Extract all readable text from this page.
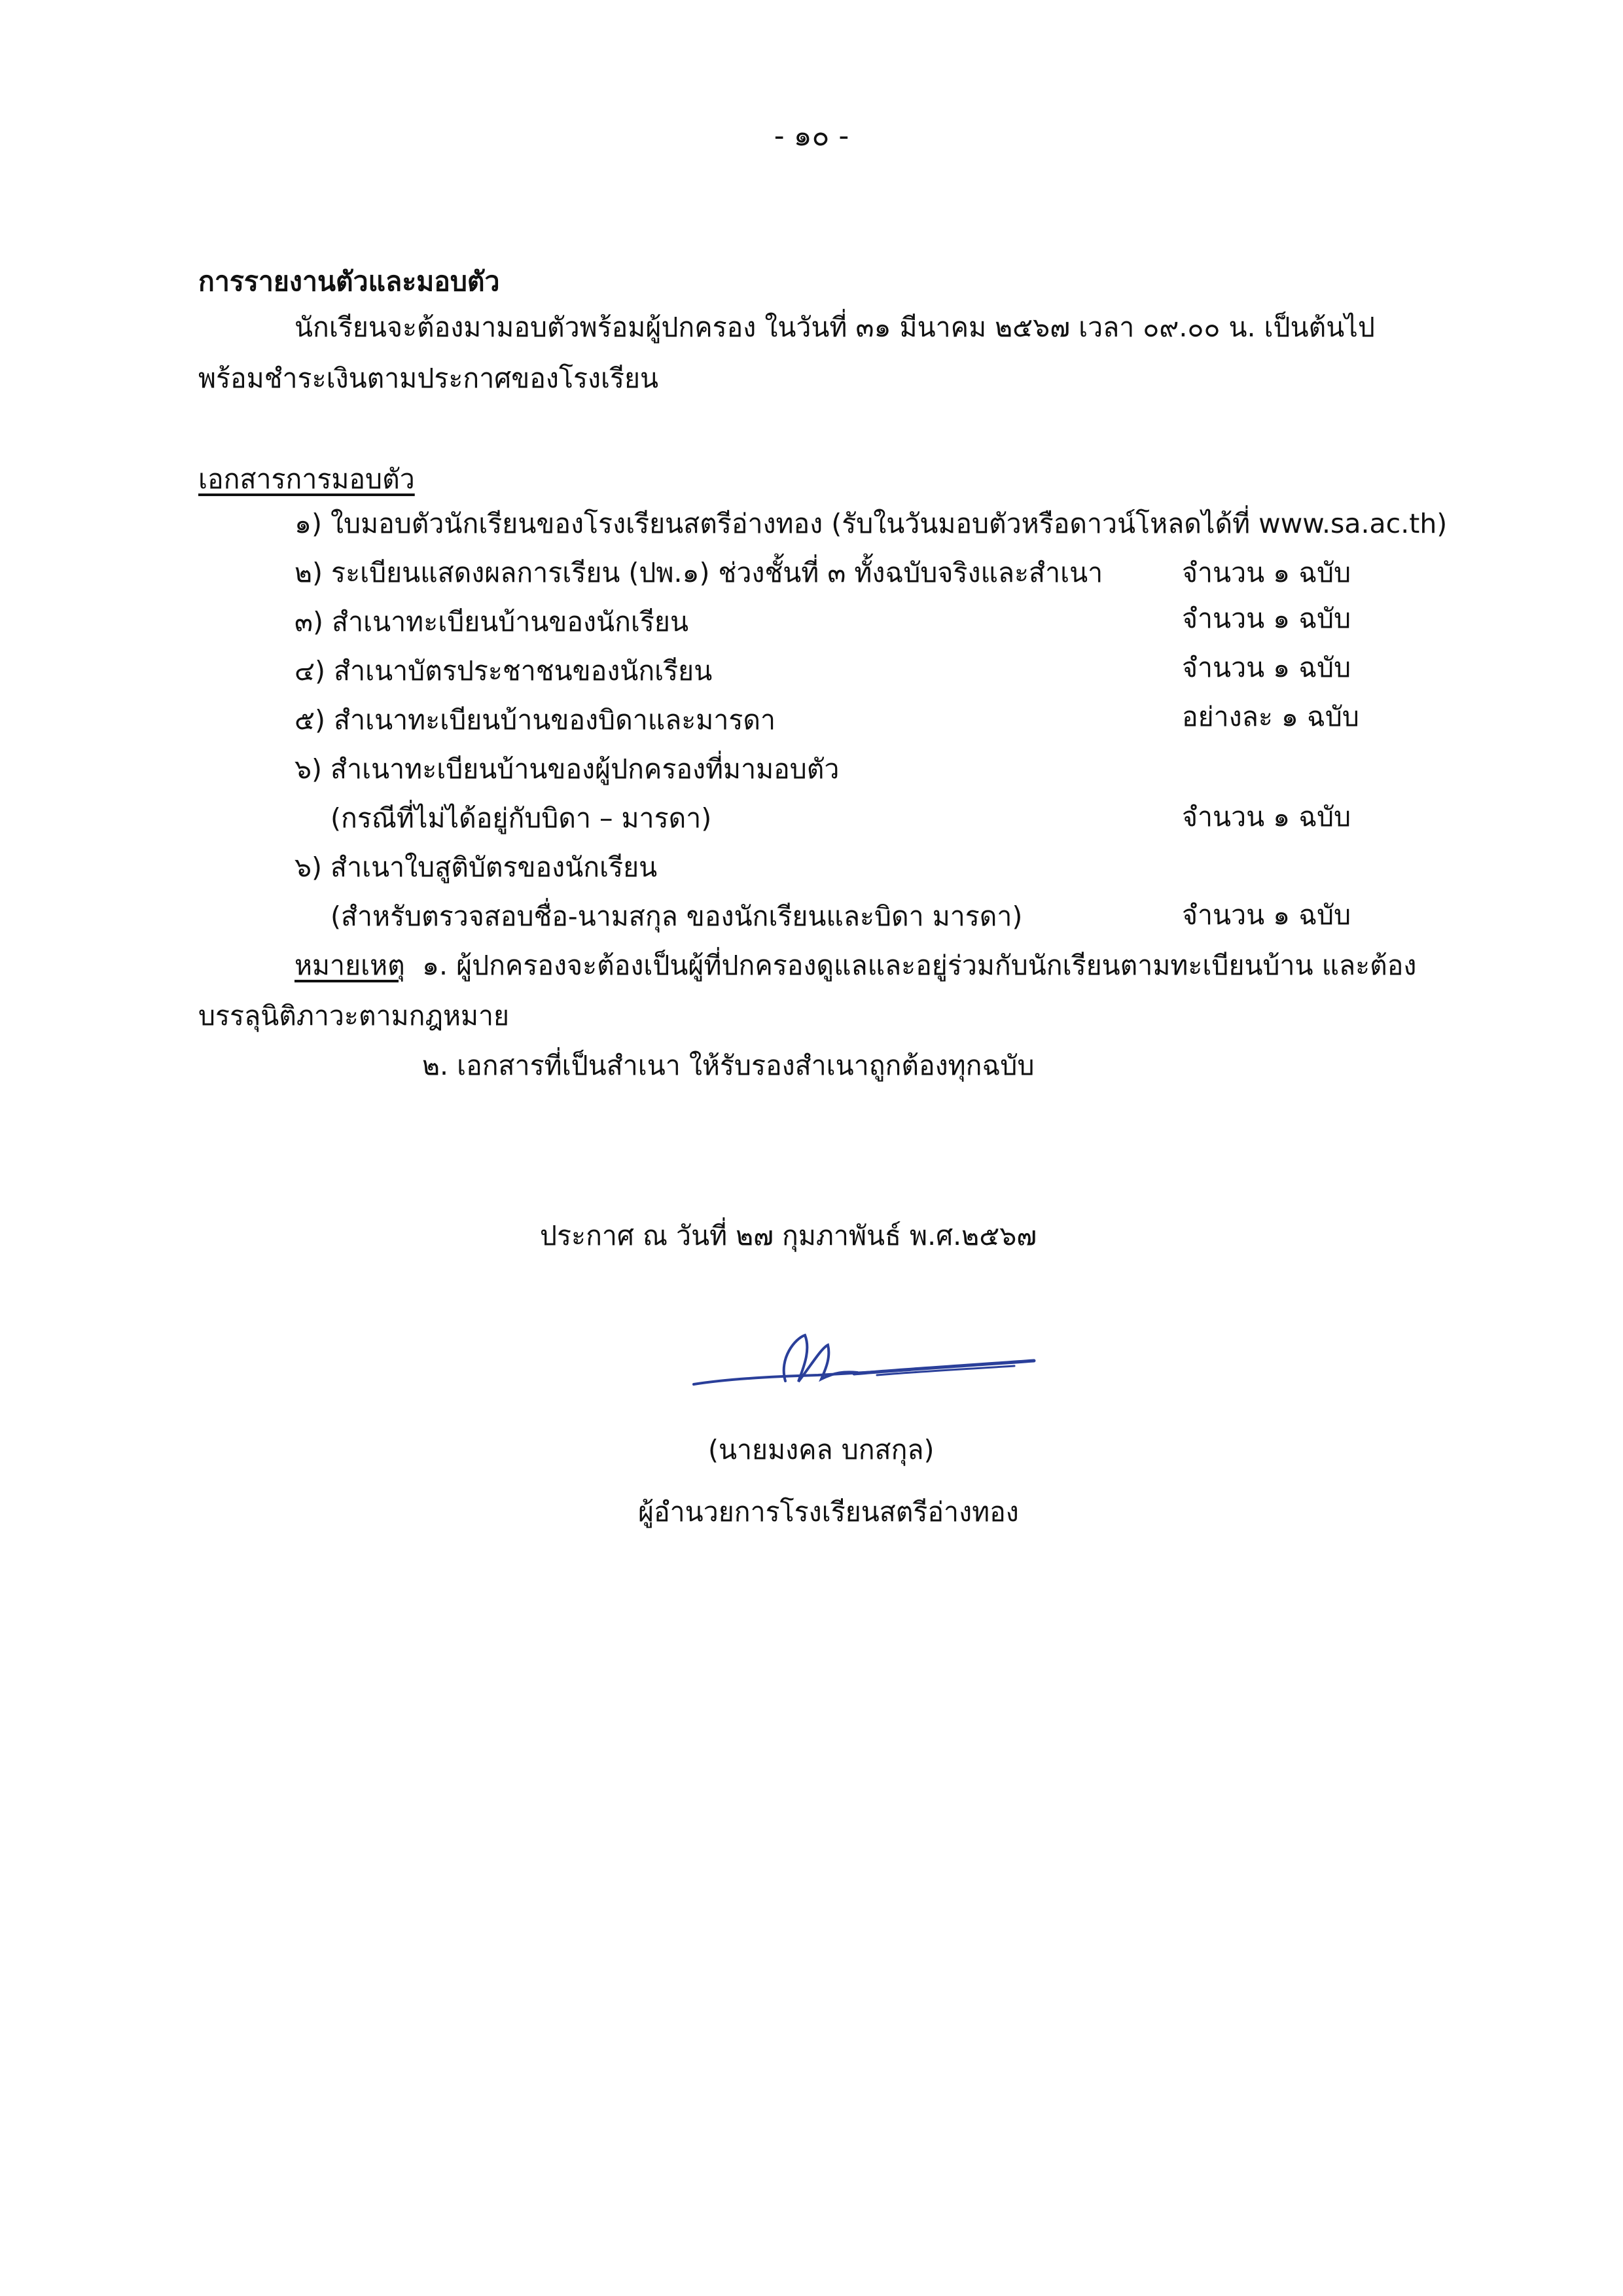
- ๑๐ -
การรายงานตัวและมอบตัว
นักเรียนจะต้องมามอบตัวพร้อมผู้ปกครอง ในวันที่ ๓๑ มีนาคม ๒๕๖๗ เวลา ๐๙.๐๐ น. เป็นต้นไป
พร้อมชำระเงินตามประกาศของโรงเรียน
เอกสารการมอบตัว
๑) ใบมอบตัวนักเรียนของโรงเรียนสตรีอ่างทอง (รับในวันมอบตัวหรือดาวน์โหลดได้ที่ www.sa.ac.th)
๒) ระเบียนแสดงผลการเรียน (ปพ.๑) ช่วงชั้นที่ ๓ ทั้งฉบับจริงและสำเนา	จำนวน ๑ ฉบับ
๓) สำเนาทะเบียนบ้านของนักเรียน	จำนวน ๑ ฉบับ
๔) สำเนาบัตรประชาชนของนักเรียน	จำนวน ๑ ฉบับ
๕) สำเนาทะเบียนบ้านของบิดาและมารดา	อย่างละ ๑ ฉบับ
๖) สำเนาทะเบียนบ้านของผู้ปกครองที่มามอบตัว
(กรณีที่ไม่ได้อยู่กับบิดา – มารดา)	จำนวน ๑ ฉบับ
๖) สำเนาใบสูติบัตรของนักเรียน
(สำหรับตรวจสอบชื่อ-นามสกุล ของนักเรียนและบิดา มารดา)	จำนวน ๑ ฉบับ
หมายเหตุ ๑. ผู้ปกครองจะต้องเป็นผู้ที่ปกครองดูแลและอยู่ร่วมกับนักเรียนตามทะเบียนบ้าน และต้อง
บรรลุนิติภาวะตามกฎหมาย
๒. เอกสารที่เป็นสำเนา ให้รับรองสำเนาถูกต้องทุกฉบับ
ประกาศ ณ วันที่ ๒๗ กุมภาพันธ์ พ.ศ.๒๕๖๗
(นายมงคล บกสกุล)
ผู้อำนวยการโรงเรียนสตรีอ่างทอง
